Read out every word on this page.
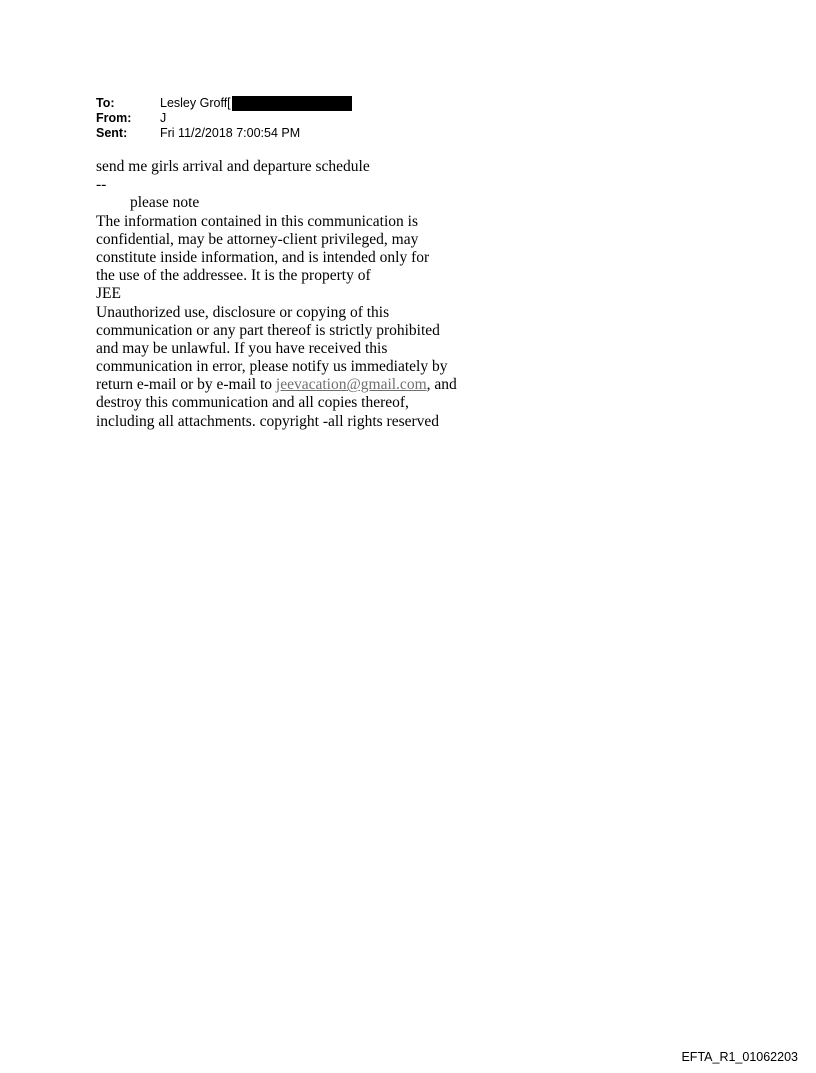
To:	Lesley Groff[
From:	J
Sent:	Fri 11/2/2018 7:00:54 PM
send me girls arrival and departure schedule
--
please note
The information contained in this communication is
confidential, may be attorney-client privileged, may
constitute inside information, and is intended only for
the use of the addressee. It is the property of
JEE
Unauthorized use, disclosure or copying of this
communication or any part thereof is strictly prohibited
and may be unlawful. If you have received this
communication in error, please notify us immediately by
return e-mail or by e-mail to jeevacation@gmail.com, and
destroy this communication and all copies thereof,
including all attachments. copyright -all rights reserved
EFTA_R1_01062203
